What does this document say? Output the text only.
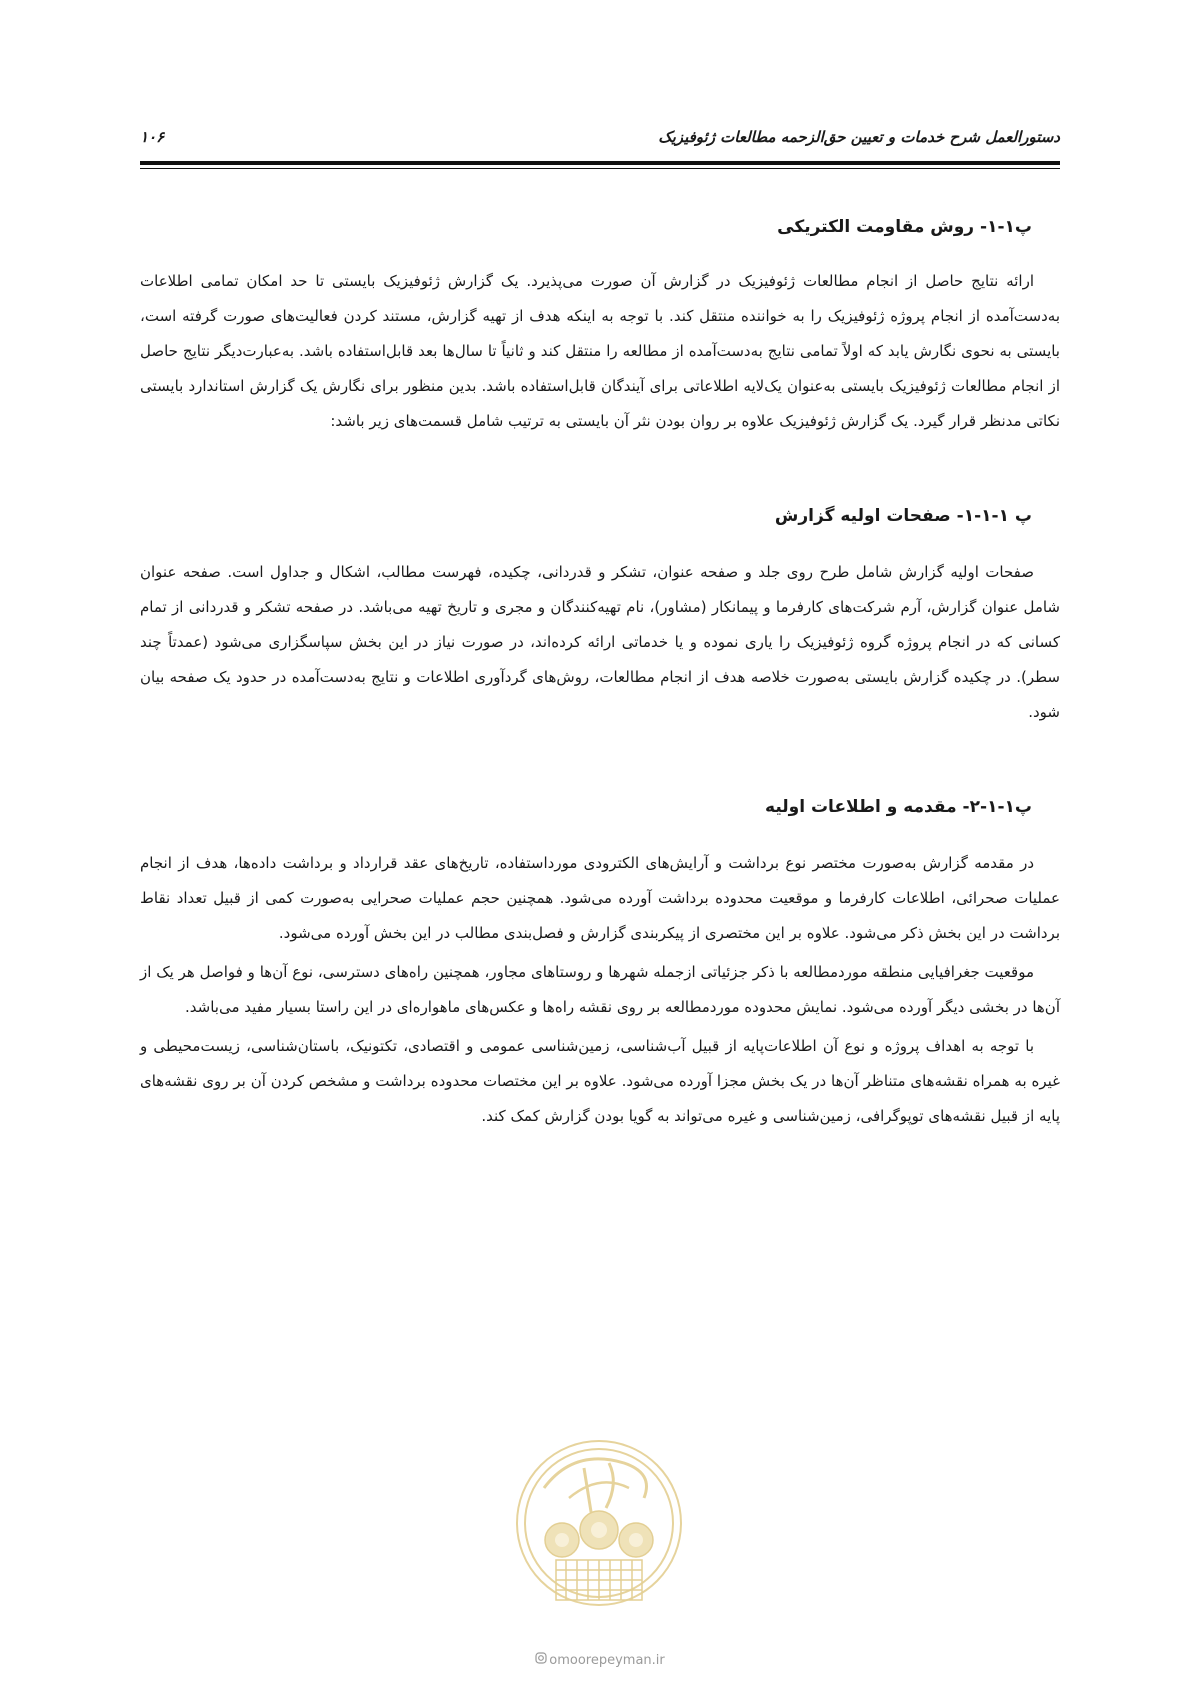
دستورالعمل شرح خدمات و تعیین حق‌الزحمه مطالعات ژئوفیزیک
۱۰۶
پ۱-۱- روش مقاومت الکتریکی

ارائه نتایج حاصل از انجام مطالعات ژئوفیزیک در گزارش آن صورت می‌پذیرد. یک گزارش ژئوفیزیک بایستی تا حد امکان تمامی اطلاعات به‌دست‌آمده از انجام پروژه ژئوفیزیک را به خواننده منتقل کند. با توجه به اینکه هدف از تهیه گزارش، مستند کردن فعالیت‌های صورت گرفته است، بایستی به نحوی نگارش یابد که اولاً تمامی نتایج به‌دست‌آمده از مطالعه را منتقل کند و ثانیاً تا سال‌ها بعد قابل‌استفاده باشد. به‌عبارت‌دیگر نتایج حاصل از انجام مطالعات ژئوفیزیک بایستی به‌عنوان یک‌لایه اطلاعاتی برای آیندگان قابل‌استفاده باشد. بدین منظور برای نگارش یک گزارش استاندارد بایستی نکاتی مدنظر قرار گیرد. یک گزارش ژئوفیزیک علاوه بر روان بودن نثر آن بایستی به ترتیب شامل قسمت‌های زیر باشد:

پ ۱-۱-۱- صفحات اولیه گزارش

صفحات اولیه گزارش شامل طرح روی جلد و صفحه عنوان، تشکر و قدردانی، چکیده، فهرست مطالب، اشکال و جداول است. صفحه عنوان شامل عنوان گزارش، آرم شرکت‌های کارفرما و پیمانکار (مشاور)، نام تهیه‌کنندگان و مجری و تاریخ تهیه می‌باشد. در صفحه تشکر و قدردانی از تمام کسانی که در انجام پروژه گروه ژئوفیزیک را یاری نموده و یا خدماتی ارائه کرده‌اند، در صورت نیاز در این بخش سپاسگزاری می‌شود (عمدتاً چند سطر). در چکیده گزارش بایستی به‌صورت خلاصه هدف از انجام مطالعات، روش‌های گردآوری اطلاعات و نتایج به‌دست‌آمده در حدود یک صفحه بیان شود.

پ۱-۱-۲- مقدمه و اطلاعات اولیه

در مقدمه گزارش به‌صورت مختصر نوع برداشت و آرایش‌های الکترودی مورداستفاده، تاریخ‌های عقد قرارداد و برداشت داده‌ها، هدف از انجام عملیات صحرائی، اطلاعات کارفرما و موقعیت محدوده برداشت آورده می‌شود. همچنین حجم عملیات صحرایی به‌صورت کمی از قبیل تعداد نقاط برداشت در این بخش ذکر می‌شود. علاوه بر این مختصری از پیکربندی گزارش و فصل‌بندی مطالب در این بخش آورده می‌شود.

موقعیت جغرافیایی منطقه موردمطالعه با ذکر جزئیاتی ازجمله شهرها و روستاهای مجاور، همچنین راه‌های دسترسی، نوع آن‌ها و فواصل هر یک از آن‌ها در بخشی دیگر آورده می‌شود. نمایش محدوده موردمطالعه بر روی نقشه راه‌ها و عکس‌های ماهواره‌ای در این راستا بسیار مفید می‌باشد.

با توجه به اهداف پروژه و نوع آن اطلاعات‌پایه از قبیل آب‌شناسی، زمین‌شناسی عمومی و اقتصادی، تکتونیک، باستان‌شناسی، زیست‌محیطی و غیره به همراه نقشه‌های متناظر آن‌ها در یک بخش مجزا آورده می‌شود. علاوه بر این مختصات محدوده برداشت و مشخص کردن آن بر روی نقشه‌های پایه از قبیل نقشه‌های توپوگرافی، زمین‌شناسی و غیره می‌تواند به گویا بودن گزارش کمک کند.

omoorepeyman.ir
